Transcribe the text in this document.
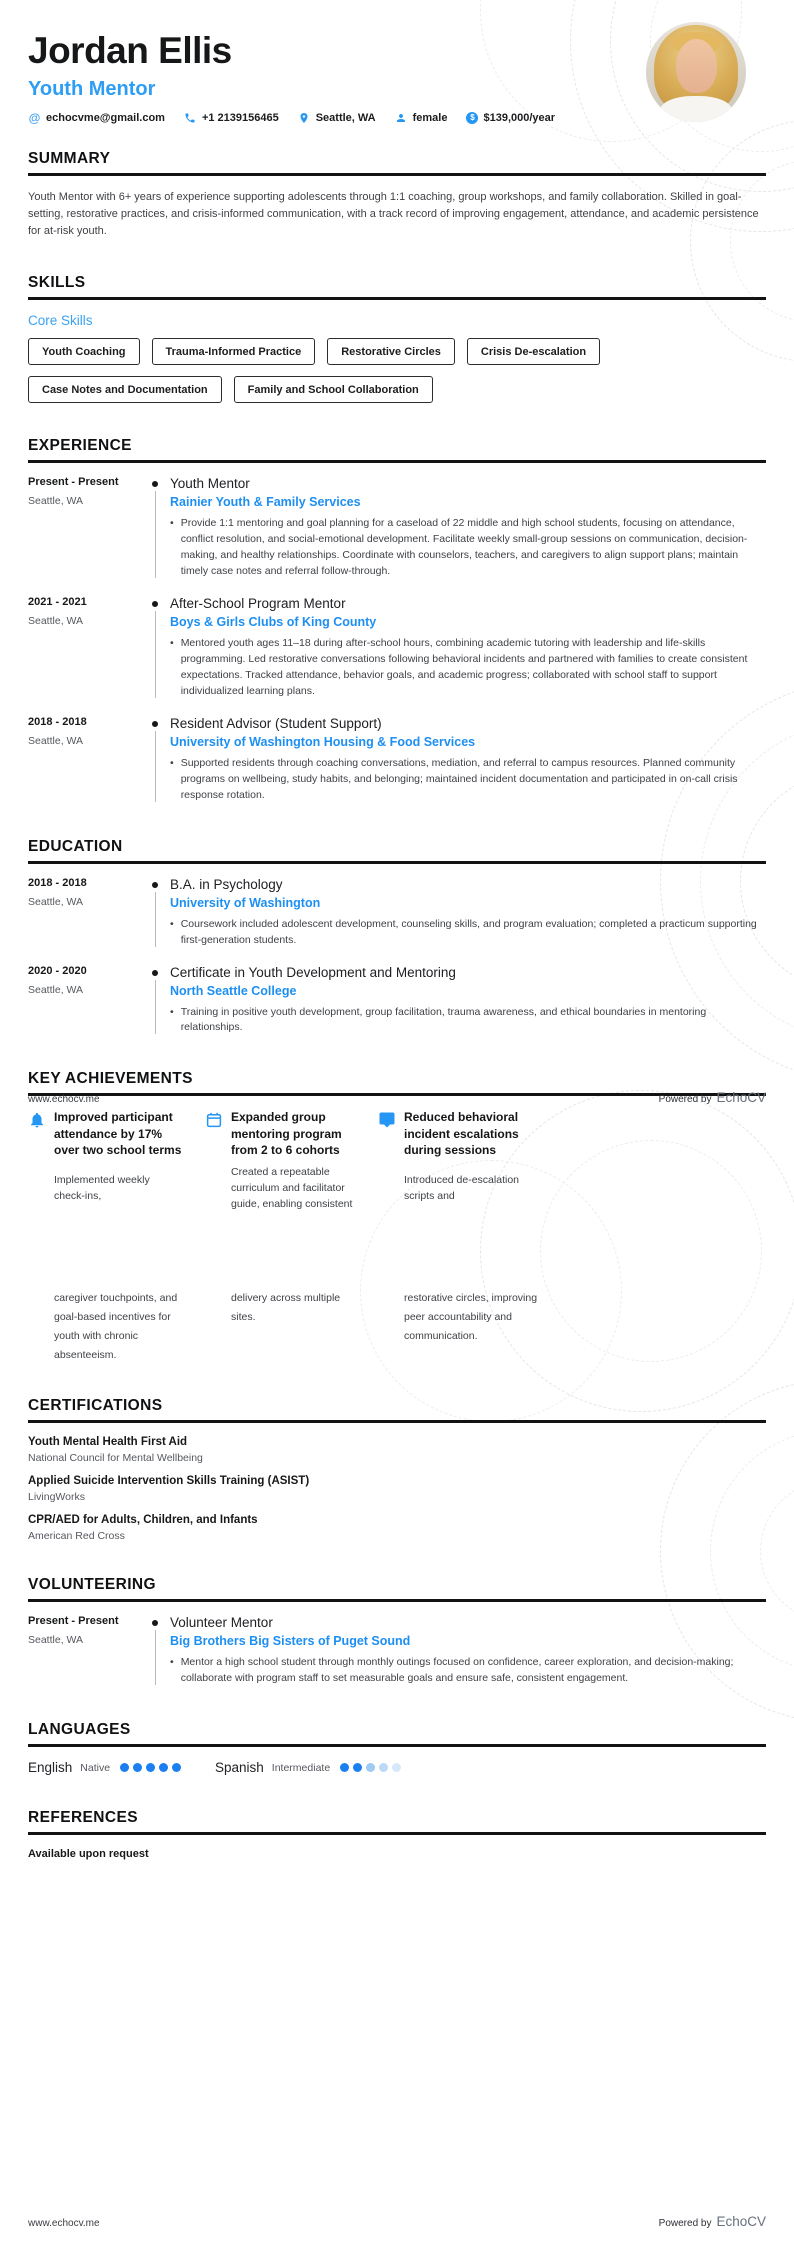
Jordan Ellis
Youth Mentor
@ echocvme@gmail.com	+1 2139156465	Seattle, WA	female	$ $139,000/year
SUMMARY

Youth Mentor with 6+ years of experience supporting adolescents through 1:1 coaching, group workshops, and family collaboration. Skilled in goal-setting, restorative practices, and crisis-informed communication, with a track record of improving engagement, attendance, and academic persistence for at-risk youth.

SKILLS

Core Skills

Youth Coaching	Trauma-Informed Practice	Restorative Circles	Crisis De-escalation
Case Notes and Documentation	Family and School Collaboration
EXPERIENCE
Present - Present
Seattle, WA
Youth Mentor
Rainier Youth & Family Services
• Provide 1:1 mentoring and goal planning for a caseload of 22 middle and high school students, focusing on attendance, conflict resolution, and social-emotional development. Facilitate weekly small-group sessions on communication, decision-making, and healthy relationships. Coordinate with counselors, teachers, and caregivers to align support plans; maintain timely case notes and referral follow-through.
2021 - 2021
Seattle, WA
After-School Program Mentor
Boys & Girls Clubs of King County
• Mentored youth ages 11–18 during after-school hours, combining academic tutoring with leadership and life-skills programming. Led restorative conversations following behavioral incidents and partnered with families to create consistent expectations. Tracked attendance, behavior goals, and academic progress; collaborated with school staff to support individualized learning plans.
2018 - 2018
Seattle, WA
Resident Advisor (Student Support)
University of Washington Housing & Food Services
• Supported residents through coaching conversations, mediation, and referral to campus resources. Planned community programs on wellbeing, study habits, and belonging; maintained incident documentation and participated in on-call crisis response rotation.
EDUCATION
2018 - 2018
Seattle, WA
B.A. in Psychology
University of Washington
• Coursework included adolescent development, counseling skills, and program evaluation; completed a practicum supporting first-generation students.
2020 - 2020
Seattle, WA
Certificate in Youth Development and Mentoring
North Seattle College
• Training in positive youth development, group facilitation, trauma awareness, and ethical boundaries in mentoring relationships.
KEY ACHIEVEMENTS
Improved participant attendance by 17% over two school terms
Implemented weekly check-ins,
Expanded group mentoring program from 2 to 6 cohorts
Created a repeatable curriculum and facilitator guide, enabling consistent
Reduced behavioral incident escalations during sessions
Introduced de-escalation scripts and
caregiver touchpoints, and goal-based incentives for youth with chronic absenteeism.
delivery across multiple sites.
restorative circles, improving peer accountability and communication.
CERTIFICATIONS
Youth Mental Health First Aid
National Council for Mental Wellbeing
Applied Suicide Intervention Skills Training (ASIST)
LivingWorks
CPR/AED for Adults, Children, and Infants
American Red Cross
VOLUNTEERING
Present - Present
Seattle, WA
Volunteer Mentor
Big Brothers Big Sisters of Puget Sound
• Mentor a high school student through monthly outings focused on confidence, career exploration, and decision-making; collaborate with program staff to set measurable goals and ensure safe, consistent engagement.
LANGUAGES
English Native	Spanish Intermediate
REFERENCES
Available upon request
www.echocv.me	Powered by EchoCV
www.echocv.me	Powered by EchoCV
